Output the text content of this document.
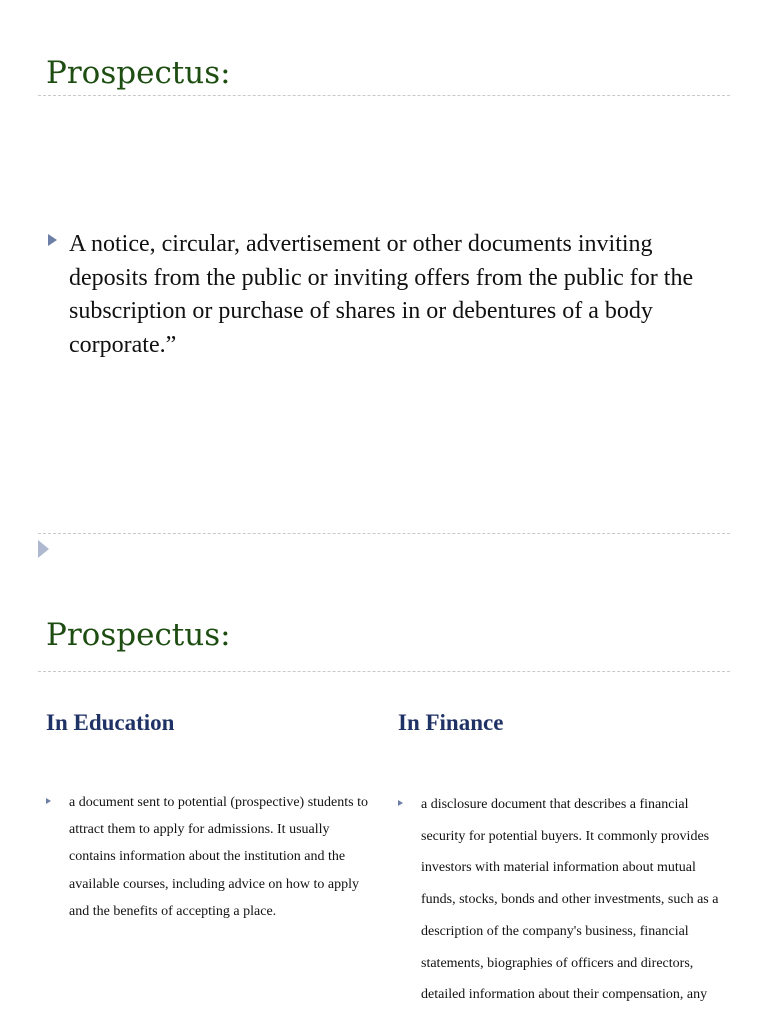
Prospectus:

A notice, circular, advertisement or other documents inviting deposits from the public or inviting offers from the public for the subscription or purchase of shares in or debentures of a body corporate.”

Prospectus:
In Education	In Finance

a document sent to potential (prospective) students to attract them to apply for admissions. It usually contains information about the institution and the available courses, including advice on how to apply and the benefits of accepting a place.

a disclosure document that describes a financial security for potential buyers. It commonly provides investors with material information about mutual funds, stocks, bonds and other investments, such as a description of the company's business, financial statements, biographies of officers and directors, detailed information about their compensation, any
